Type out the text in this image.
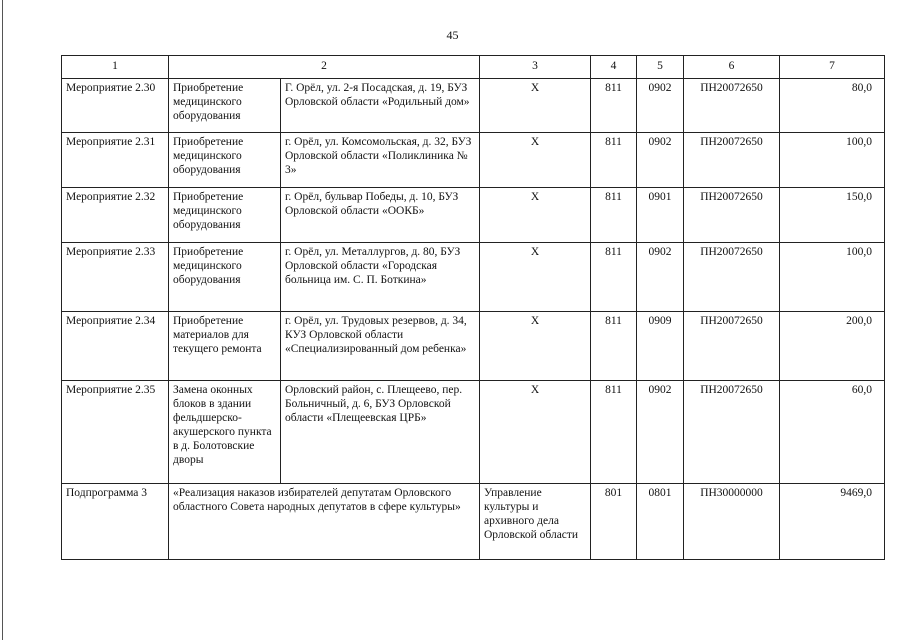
45
1	2		3	4	5	6	7
Мероприятие 2.30	Приобретение медицинского оборудования	Г. Орёл, ул. 2-я Посадская, д. 19, БУЗ Орловской области «Родильный дом»	Х	811	0902	ПН20072650	80,0
Мероприятие 2.31	Приобретение медицинского оборудования	г. Орёл, ул. Комсомольская, д. 32, БУЗ Орловской области «Поликлиника № 3»	Х	811	0902	ПН20072650	100,0
Мероприятие 2.32	Приобретение медицинского оборудования	г. Орёл, бульвар Победы, д. 10, БУЗ Орловской области «ООКБ»	Х	811	0901	ПН20072650	150,0
Мероприятие 2.33	Приобретение медицинского оборудования	г. Орёл, ул. Металлургов, д. 80, БУЗ Орловской области «Городская больница им. С. П. Боткина»	Х	811	0902	ПН20072650	100,0
Мероприятие 2.34	Приобретение материалов для текущего ремонта	г. Орёл, ул. Трудовых резервов, д. 34, КУЗ Орловской области «Специализированный дом ребенка»	Х	811	0909	ПН20072650	200,0
Мероприятие 2.35	Замена оконных блоков в здании фельдшерско-акушерского пункта в д. Болотовские дворы	Орловский район, с. Плещеево, пер. Больничный, д. 6, БУЗ Орловской области «Плещеевская ЦРБ»	Х	811	0902	ПН20072650	60,0
Подпрограмма 3	«Реализация наказов избирателей депутатам Орловского областного Совета народных депутатов в сфере культуры»		Управление культуры и архивного дела Орловской области	801	0801	ПН30000000	9469,0
